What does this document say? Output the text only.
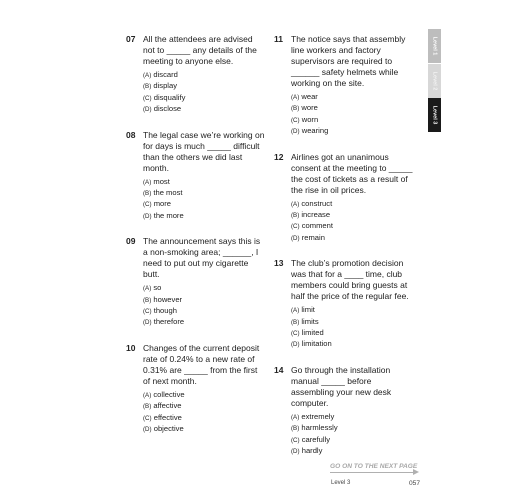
07 All the attendees are advised not to _____ any details of the meeting to anyone else.
(A) discard
(B) display
(C) disqualify
(D) disclose
08 The legal case we’re working on for days is much _____ difficult than the others we did last month.
(A) most
(B) the most
(C) more
(D) the more
09 The announcement says this is a non-smoking area; ______, I need to put out my cigarette butt.
(A) so
(B) however
(C) though
(D) therefore
10 Changes of the current deposit rate of 0.24% to a new rate of 0.31% are _____ from the first of next month.
(A) collective
(B) affective
(C) effective
(D) objective
11 The notice says that assembly line workers and factory supervisors are required to ______ safety helmets while working on the site.
(A) wear
(B) wore
(C) worn
(D) wearing
12 Airlines got an unanimous consent at the meeting to _____ the cost of tickets as a result of the rise in oil prices.
(A) construct
(B) increase
(C) comment
(D) remain
13 The club’s promotion decision was that for a ____ time, club members could bring guests at half the price of the regular fee.
(A) limit
(B) limits
(C) limited
(D) limitation
14 Go through the installation manual _____ before assembling your new desk computer.
(A) extremely
(B) harmlessly
(C) carefully
(D) hardly
Level 1
Level 2
Level 3
GO ON TO THE NEXT PAGE
Level 3	057
